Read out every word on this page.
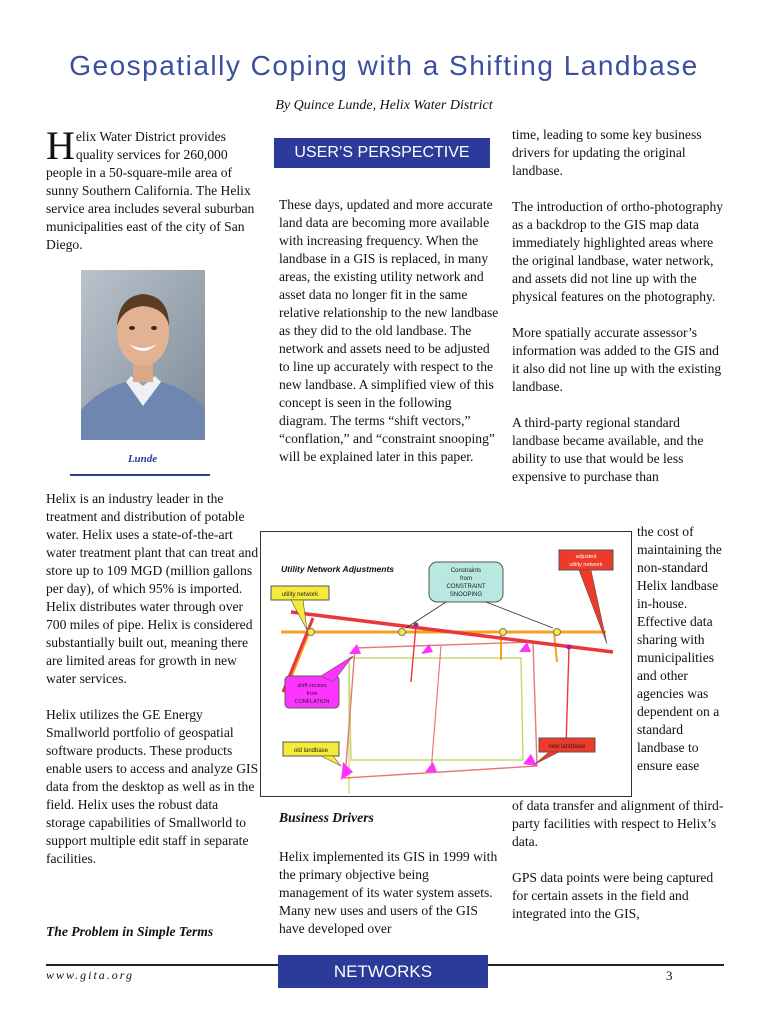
Geospatially Coping with a Shifting Landbase
By Quince Lunde, Helix Water District
Helix Water District provides quality services for 260,000 people in a 50-square-mile area of sunny Southern California. The Helix service area includes several suburban municipalities east of the city of San Diego.
Lunde

Helix is an industry leader in the treatment and distribution of potable water. Helix uses a state-of-the-art water treatment plant that can treat and store up to 109 MGD (million gallons per day), of which 95% is imported. Helix distributes water through over 700 miles of pipe. Helix is considered substantially built out, meaning there are limited areas for growth in new water services.

Helix utilizes the GE Energy Smallworld portfolio of geospatial software products. These products enable users to access and analyze GIS data from the desktop as well as in the field. Helix uses the robust data storage capabilities of Smallworld to support multiple edit staff in separate facilities.

The Problem in Simple Terms
USER’S PERSPECTIVE

These days, updated and more accurate land data are becoming more available with increasing frequency. When the landbase in a GIS is replaced, in many areas, the existing utility network and asset data no longer fit in the same relative relationship to the new landbase as they did to the old landbase. The network and assets need to be adjusted to line up accurately with respect to the new landbase. A simplified view of this concept is seen in the following diagram. The terms “shift vectors,” “conflation,” and “constraint snooping” will be explained later in this paper.

Business Drivers

Helix implemented its GIS in 1999 with the primary objective being management of its water system assets. Many new uses and users of the GIS have developed over

time, leading to some key business drivers for updating the original landbase.

The introduction of ortho-photography as a backdrop to the GIS map data immediately highlighted areas where the original landbase, water network, and assets did not line up with the physical features on the photography.

More spatially accurate assessor’s information was added to the GIS and it also did not line up with the existing landbase.

A third-party regional standard landbase became available, and the ability to use that would be less expensive to purchase than

the cost of maintaining the non-standard Helix landbase in-house. Effective data sharing with municipalities and other agencies was dependent on a standard landbase to ensure ease

of data transfer and alignment of third-party facilities with respect to Helix’s data.

GPS data points were being captured for certain assets in the field and integrated into the GIS,

Utility Network Adjustments	Constraints
from
CONSTRAINT
SNOOPING
adjusted
utility network
utility network
shift vectors
from
CONFLATION
old landbase
new landbase
www.gita.org	NETWORKS	3
